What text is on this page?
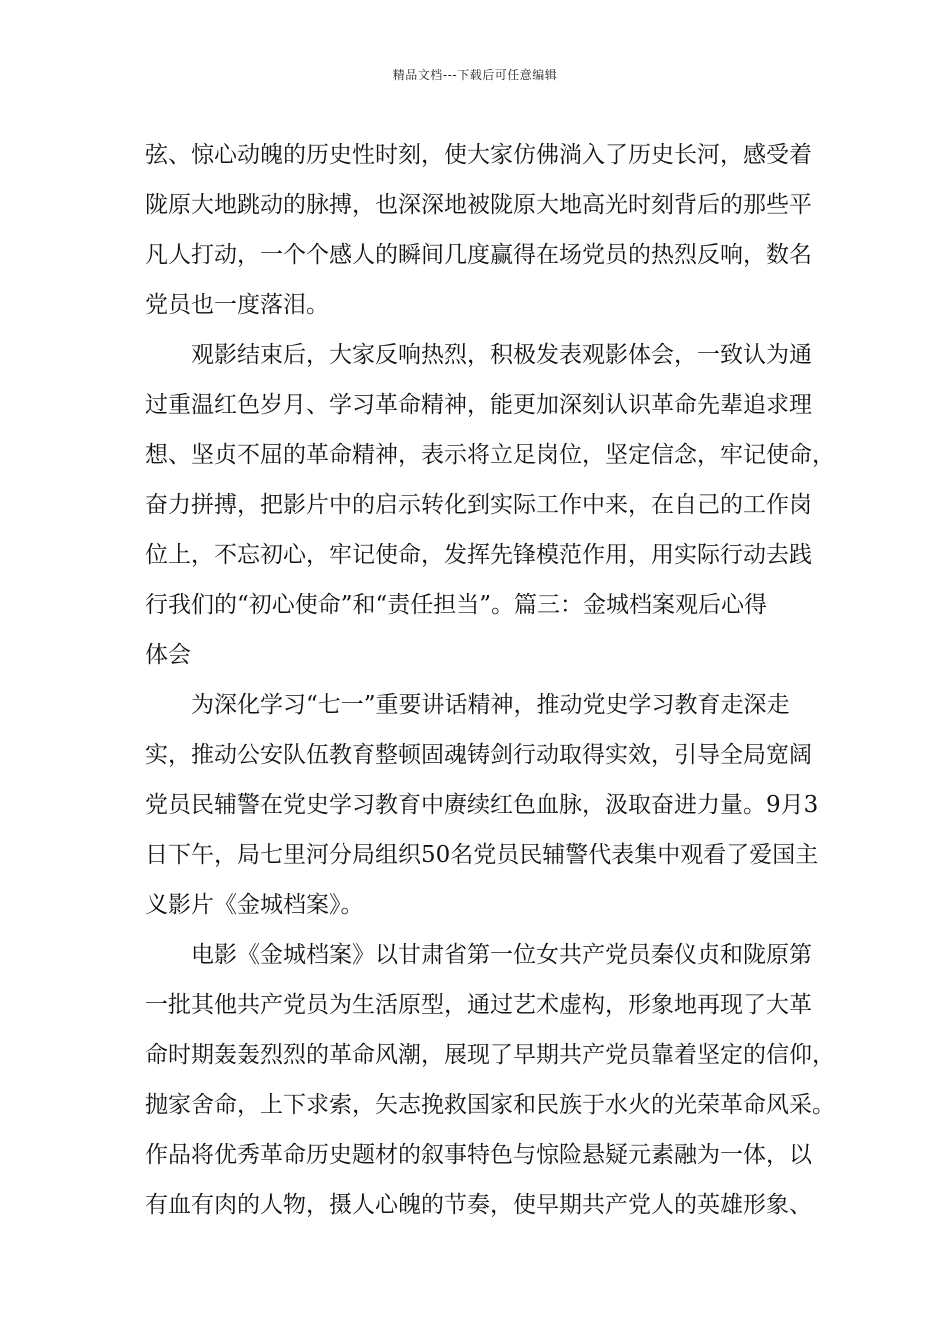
精品文档---下载后可任意编辑
弦、惊心动魄的历史性时刻，使大家仿佛淌入了历史长河，感受着
陇原大地跳动的脉搏，也深深地被陇原大地高光时刻背后的那些平
凡人打动，一个个感人的瞬间几度赢得在场党员的热烈反响，数名
党员也一度落泪。
观影结束后，大家反响热烈，积极发表观影体会，一致认为通
过重温红色岁月、学习革命精神，能更加深刻认识革命先辈追求理
想、坚贞不屈的革命精神，表示将立足岗位，坚定信念，牢记使命，
奋力拼搏，把影片中的启示转化到实际工作中来，在自己的工作岗
位上，不忘初心，牢记使命，发挥先锋模范作用，用实际行动去践
行我们的“初心使命”和“责任担当”。篇三：金城档案观后心得
体会
为深化学习“七一”重要讲话精神，推动党史学习教育走深走
实，推动公安队伍教育整顿固魂铸剑行动取得实效，引导全局宽阔
党员民辅警在党史学习教育中赓续红色血脉，汲取奋进力量。9月3
日下午，局七里河分局组织50名党员民辅警代表集中观看了爱国主
义影片《金城档案》。
电影《金城档案》以甘肃省第一位女共产党员秦仪贞和陇原第
一批其他共产党员为生活原型，通过艺术虚构，形象地再现了大革
命时期轰轰烈烈的革命风潮，展现了早期共产党员靠着坚定的信仰，
抛家舍命，上下求索，矢志挽救国家和民族于水火的光荣革命风采。
作品将优秀革命历史题材的叙事特色与惊险悬疑元素融为一体，以
有血有肉的人物，摄人心魄的节奏，使早期共产党人的英雄形象、
